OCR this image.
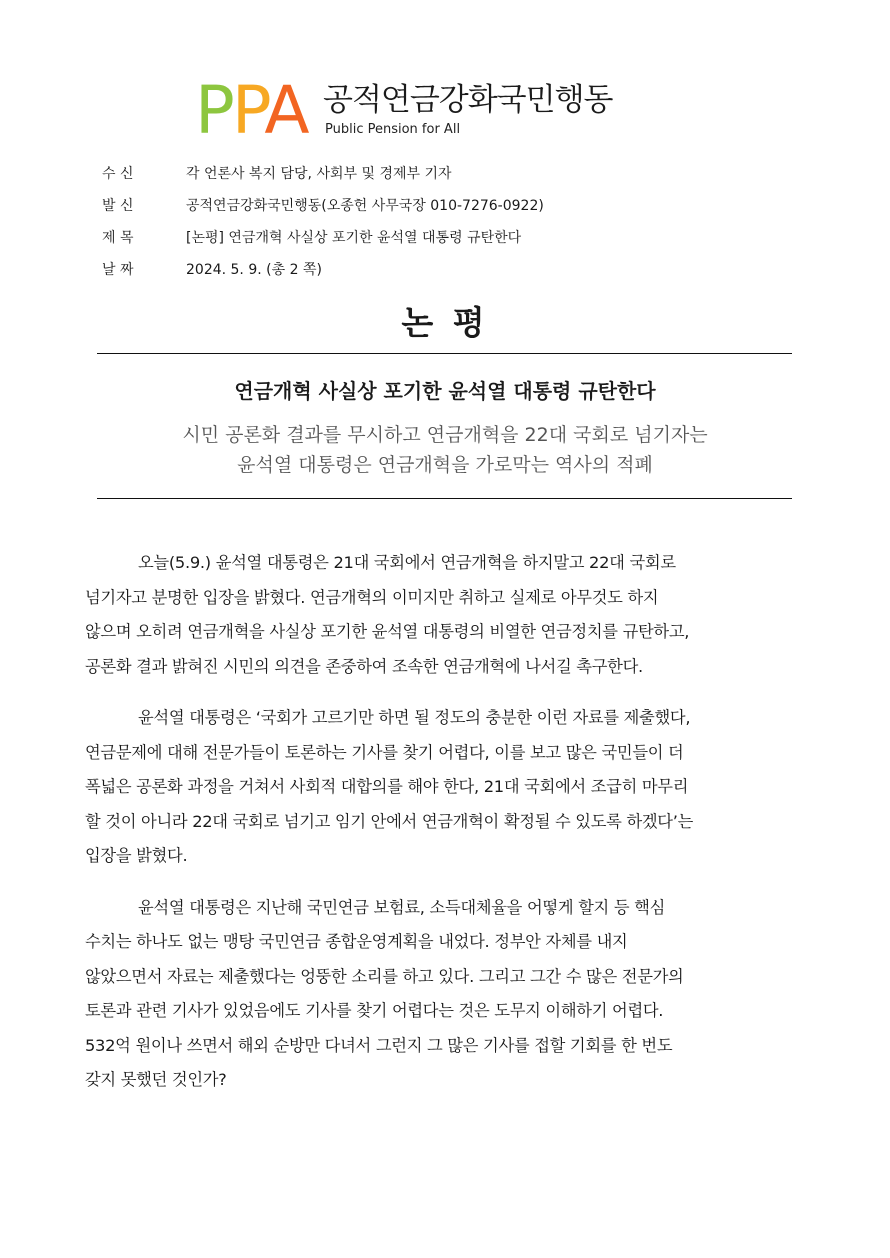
PPA 공적연금강화국민행동
Public Pension for All
수 신	각 언론사 복지 담당, 사회부 및 경제부 기자
발 신	공적연금강화국민행동(오종헌 사무국장 010-7276-0922)
제 목	[논평] 연금개혁 사실상 포기한 윤석열 대통령 규탄한다
날 짜	2024. 5. 9. (총 2 쪽)
논 평
연금개혁 사실상 포기한 윤석열 대통령 규탄한다
시민 공론화 결과를 무시하고 연금개혁을 22대 국회로 넘기자는
윤석열 대통령은 연금개혁을 가로막는 역사의 적폐
오늘(5.9.) 윤석열 대통령은 21대 국회에서 연금개혁을 하지말고 22대 국회로
넘기자고 분명한 입장을 밝혔다. 연금개혁의 이미지만 취하고 실제로 아무것도 하지
않으며 오히려 연금개혁을 사실상 포기한 윤석열 대통령의 비열한 연금정치를 규탄하고,
공론화 결과 밝혀진 시민의 의견을 존중하여 조속한 연금개혁에 나서길 촉구한다.
윤석열 대통령은 ‘국회가 고르기만 하면 될 정도의 충분한 이런 자료를 제출했다,
연금문제에 대해 전문가들이 토론하는 기사를 찾기 어렵다, 이를 보고 많은 국민들이 더
폭넓은 공론화 과정을 거쳐서 사회적 대합의를 해야 한다, 21대 국회에서 조급히 마무리
할 것이 아니라 22대 국회로 넘기고 임기 안에서 연금개혁이 확정될 수 있도록 하겠다’는
입장을 밝혔다.
윤석열 대통령은 지난해 국민연금 보험료, 소득대체율을 어떻게 할지 등 핵심
수치는 하나도 없는 맹탕 국민연금 종합운영계획을 내었다. 정부안 자체를 내지
않았으면서 자료는 제출했다는 엉뚱한 소리를 하고 있다. 그리고 그간 수 많은 전문가의
토론과 관련 기사가 있었음에도 기사를 찾기 어렵다는 것은 도무지 이해하기 어렵다.
532억 원이나 쓰면서 해외 순방만 다녀서 그런지 그 많은 기사를 접할 기회를 한 번도
갖지 못했던 것인가?
